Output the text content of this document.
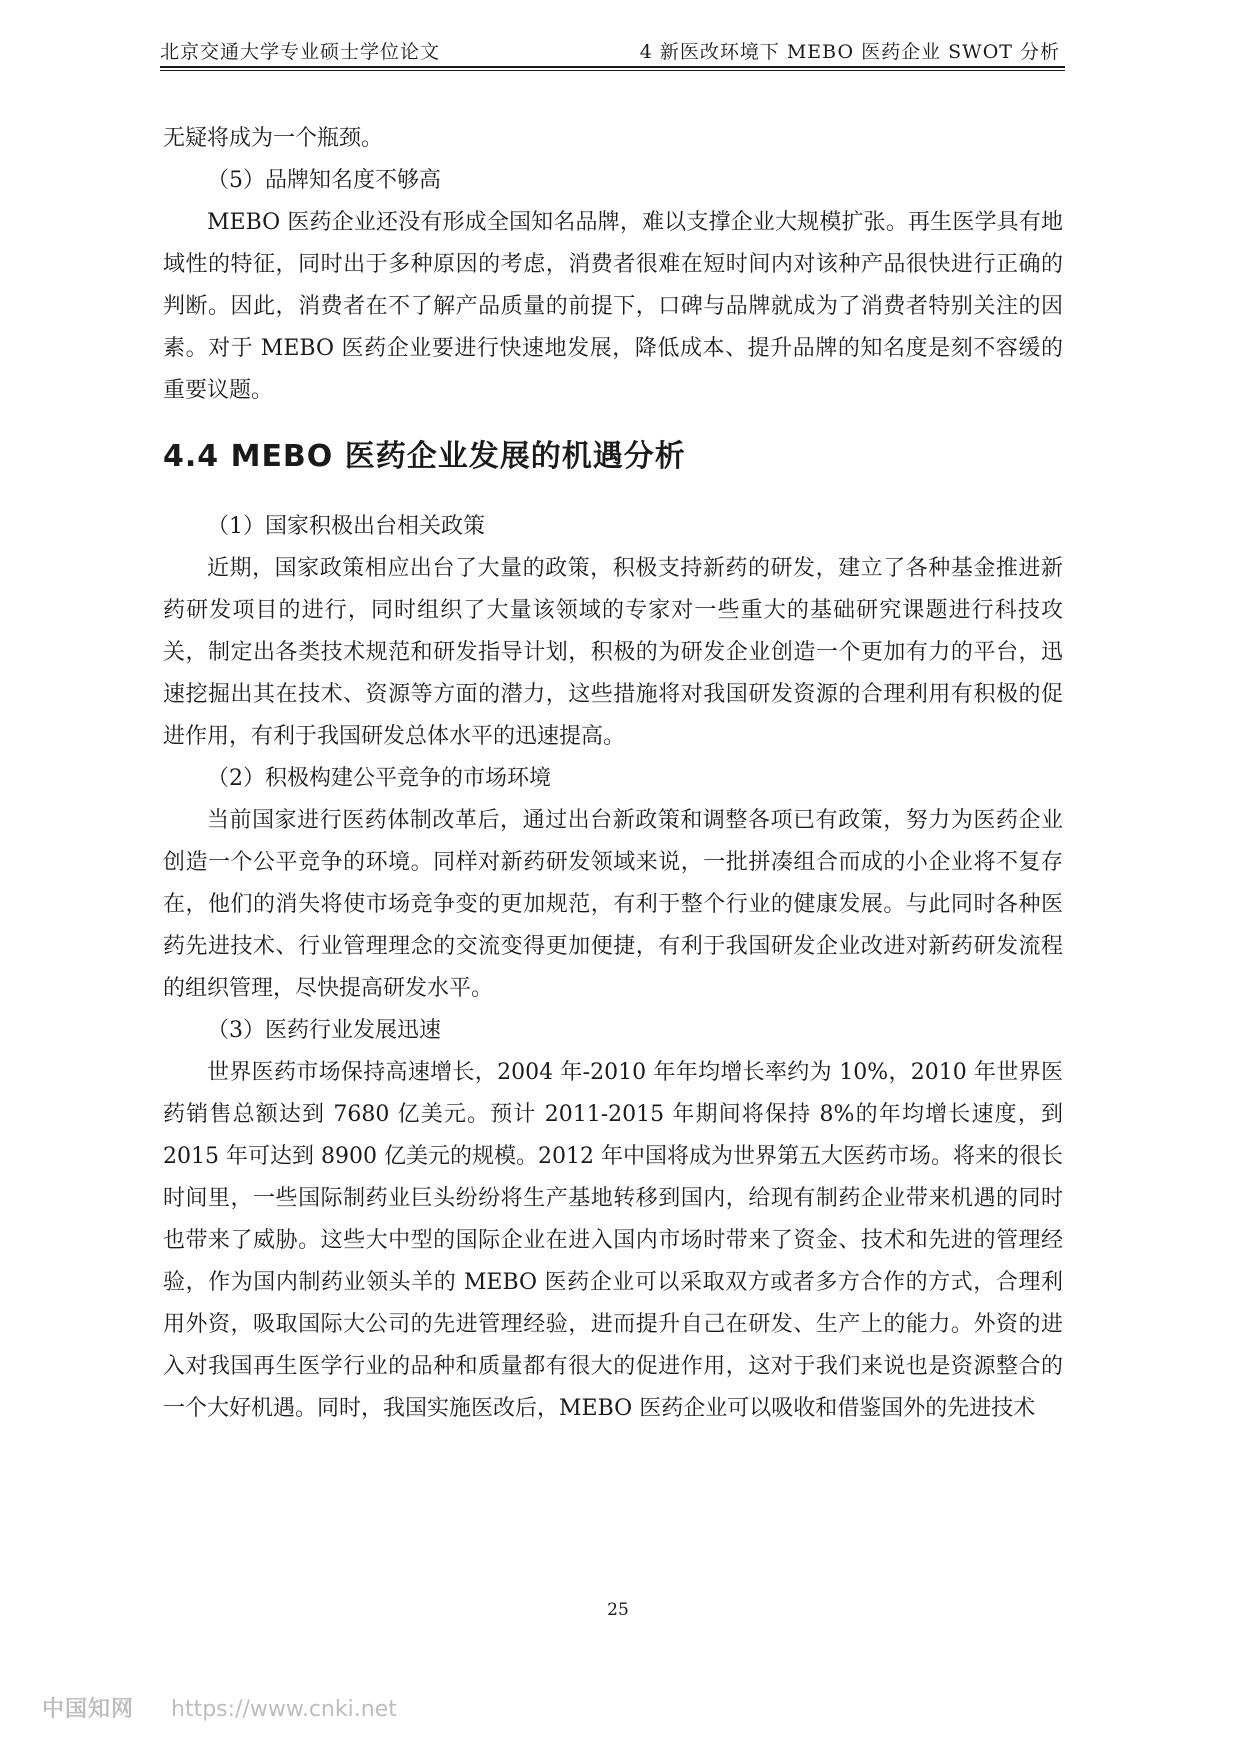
北京交通大学专业硕士学位论文	4 新医改环境下 MEBO 医药企业 SWOT 分析

无疑将成为一个瓶颈。

（5）品牌知名度不够高

MEBO 医药企业还没有形成全国知名品牌，难以支撑企业大规模扩张。再生医学具有地域性的特征，同时出于多种原因的考虑，消费者很难在短时间内对该种产品很快进行正确的判断。因此，消费者在不了解产品质量的前提下，口碑与品牌就成为了消费者特别关注的因素。对于 MEBO 医药企业要进行快速地发展，降低成本、提升品牌的知名度是刻不容缓的重要议题。

4.4 MEBO 医药企业发展的机遇分析

（1）国家积极出台相关政策

近期，国家政策相应出台了大量的政策，积极支持新药的研发，建立了各种基金推进新药研发项目的进行，同时组织了大量该领域的专家对一些重大的基础研究课题进行科技攻关，制定出各类技术规范和研发指导计划，积极的为研发企业创造一个更加有力的平台，迅速挖掘出其在技术、资源等方面的潜力，这些措施将对我国研发资源的合理利用有积极的促进作用，有利于我国研发总体水平的迅速提高。

（2）积极构建公平竞争的市场环境

当前国家进行医药体制改革后，通过出台新政策和调整各项已有政策，努力为医药企业创造一个公平竞争的环境。同样对新药研发领域来说，一批拼凑组合而成的小企业将不复存在，他们的消失将使市场竞争变的更加规范，有利于整个行业的健康发展。与此同时各种医药先进技术、行业管理理念的交流变得更加便捷，有利于我国研发企业改进对新药研发流程的组织管理，尽快提高研发水平。

（3）医药行业发展迅速

世界医药市场保持高速增长，2004 年-2010 年年均增长率约为 10%，2010 年世界医药销售总额达到 7680 亿美元。预计 2011-2015 年期间将保持 8%的年均增长速度，到 2015 年可达到 8900 亿美元的规模。2012 年中国将成为世界第五大医药市场。将来的很长时间里，一些国际制药业巨头纷纷将生产基地转移到国内，给现有制药企业带来机遇的同时也带来了威胁。这些大中型的国际企业在进入国内市场时带来了资金、技术和先进的管理经验，作为国内制药业领头羊的 MEBO 医药企业可以采取双方或者多方合作的方式，合理利用外资，吸取国际大公司的先进管理经验，进而提升自己在研发、生产上的能力。外资的进入对我国再生医学行业的品种和质量都有很大的促进作用，这对于我们来说也是资源整合的一个大好机遇。同时，我国实施医改后，MEBO 医药企业可以吸收和借鉴国外的先进技术

25
中国知网 https://www.cnki.net
